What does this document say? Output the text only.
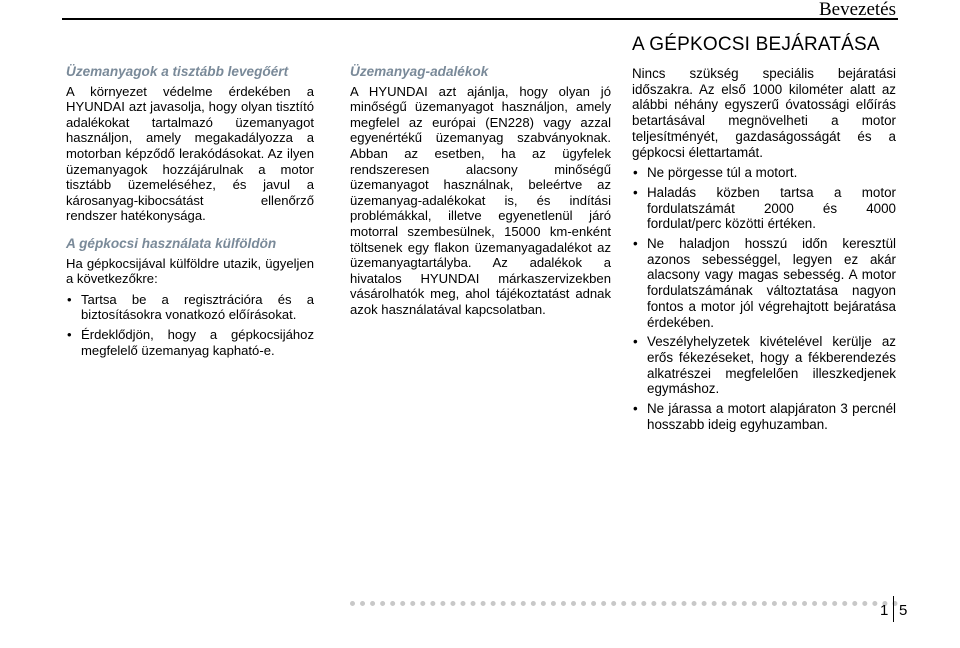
Bevezetés
Üzemanyagok a tisztább levegőért
A környezet védelme érdekében a HYUNDAI azt javasolja, hogy olyan tisztító adalékokat tartalmazó üzemanyagot használjon, amely megakadályozza a motorban képződő lerakódásokat. Az ilyen üzemanyagok hozzájárulnak a motor tisztább üzemeléséhez, és javul a károsanyag-kibocsátást ellenőrző rendszer hatékonysága.
A gépkocsi használata külföldön
Ha gépkocsijával külföldre utazik, ügyeljen a következőkre:
• Tartsa be a regisztrációra és a biztosításokra vonatkozó előírásokat.
• Érdeklődjön, hogy a gépkocsijához megfelelő üzemanyag kapható-e.
Üzemanyag-adalékok
A HYUNDAI azt ajánlja, hogy olyan jó minőségű üzemanyagot használjon, amely megfelel az európai (EN228) vagy azzal egyenértékű üzemanyag szabványoknak. Abban az esetben, ha az ügyfelek rendszeresen alacsony minőségű üzemanyagot használnak, beleértve az üzemanyag-adalékokat is, és indítási problémákkal, illetve egyenetlenül járó motorral szembesülnek, 15000 km-enként töltsenek egy flakon üzemanyagadalékot az üzemanyagtartályba. Az adalékok a hivatalos HYUNDAI márkaszervizekben vásárolhatók meg, ahol tájékoztatást adnak azok használatával kapcsolatban.
A GÉPKOCSI BEJÁRATÁSA
Nincs szükség speciális bejáratási időszakra. Az első 1000 kilométer alatt az alábbi néhány egyszerű óvatossági előírás betartásával megnövelheti a motor teljesítményét, gazdaságosságát és a gépkocsi élettartamát.
• Ne pörgesse túl a motort.
• Haladás közben tartsa a motor fordulatszámát 2000 és 4000 fordulat/perc közötti értéken.
• Ne haladjon hosszú időn keresztül azonos sebességgel, legyen ez akár alacsony vagy magas sebesség. A motor fordulatszámának változtatása nagyon fontos a motor jól végrehajtott bejáratása érdekében.
• Veszélyhelyzetek kivételével kerülje az erős fékezéseket, hogy a fékberendezés alkatrészei megfelelően illeszkedjenek egymáshoz.
• Ne járassa a motort alapjáraton 3 percnél hosszabb ideig egyhuzamban.
1 5
